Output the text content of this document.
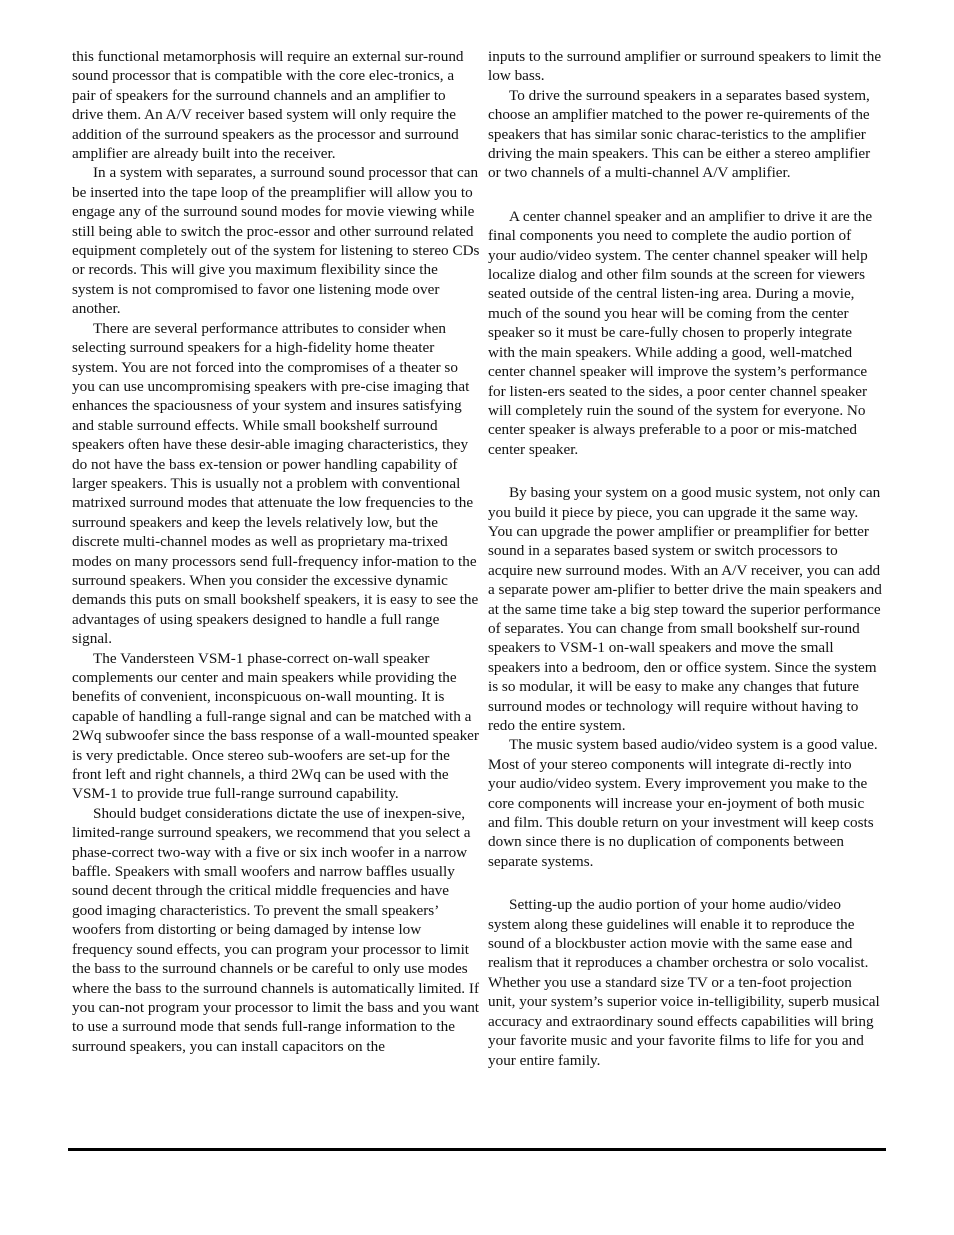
this functional metamorphosis will require an external sur-round sound processor that is compatible with the core elec-tronics, a pair of speakers for the surround channels and an amplifier to drive them. An A/V receiver based system will only require the addition of the surround speakers as the processor and surround amplifier are already built into the receiver.

In a system with separates, a surround sound processor that can be inserted into the tape loop of the preamplifier will allow you to engage any of the surround sound modes for movie viewing while still being able to switch the proc-essor and other surround related equipment completely out of the system for listening to stereo CDs or records. This will give you maximum flexibility since the system is not compromised to favor one listening mode over another.

There are several performance attributes to consider when selecting surround speakers for a high-fidelity home theater system. You are not forced into the compromises of a theater so you can use uncompromising speakers with pre-cise imaging that enhances the spaciousness of your system and insures satisfying and stable surround effects. While small bookshelf surround speakers often have these desir-able imaging characteristics, they do not have the bass ex-tension or power handling capability of larger speakers. This is usually not a problem with conventional matrixed surround modes that attenuate the low frequencies to the surround speakers and keep the levels relatively low, but the discrete multi-channel modes as well as proprietary ma-trixed modes on many processors send full-frequency infor-mation to the surround speakers. When you consider the excessive dynamic demands this puts on small bookshelf speakers, it is easy to see the advantages of using speakers designed to handle a full range signal.

The Vandersteen VSM-1 phase-correct on-wall speaker complements our center and main speakers while providing the benefits of convenient, inconspicuous on-wall mounting. It is capable of handling a full-range signal and can be matched with a 2Wq subwoofer since the bass response of a wall-mounted speaker is very predictable. Once stereo sub-woofers are set-up for the front left and right channels, a third 2Wq can be used with the VSM-1 to provide true full-range surround capability.

Should budget considerations dictate the use of inexpen-sive, limited-range surround speakers, we recommend that you select a phase-correct two-way with a five or six inch woofer in a narrow baffle. Speakers with small woofers and narrow baffles usually sound decent through the critical middle frequencies and have good imaging characteristics. To prevent the small speakers’ woofers from distorting or being damaged by intense low frequency sound effects, you can program your processor to limit the bass to the surround channels or be careful to only use modes where the bass to the surround channels is automatically limited. If you can-not program your processor to limit the bass and you want to use a surround mode that sends full-range information to the surround speakers, you can install capacitors on the

inputs to the surround amplifier or surround speakers to limit the low bass.

To drive the surround speakers in a separates based system, choose an amplifier matched to the power re-quirements of the speakers that has similar sonic charac-teristics to the amplifier driving the main speakers. This can be either a stereo amplifier or two channels of a multi-channel A/V amplifier.

A center channel speaker and an amplifier to drive it are the final components you need to complete the audio portion of your audio/video system. The center channel speaker will help localize dialog and other film sounds at the screen for viewers seated outside of the central listen-ing area. During a movie, much of the sound you hear will be coming from the center speaker so it must be care-fully chosen to properly integrate with the main speakers. While adding a good, well-matched center channel speaker will improve the system’s performance for listen-ers seated to the sides, a poor center channel speaker will completely ruin the sound of the system for everyone. No center speaker is always preferable to a poor or mis-matched center speaker.

By basing your system on a good music system, not only can you build it piece by piece, you can upgrade it the same way. You can upgrade the power amplifier or preamplifier for better sound in a separates based system or switch processors to acquire new surround modes. With an A/V receiver, you can add a separate power am-plifier to better drive the main speakers and at the same time take a big step toward the superior performance of separates. You can change from small bookshelf sur-round speakers to VSM-1 on-wall speakers and move the small speakers into a bedroom, den or office system. Since the system is so modular, it will be easy to make any changes that future surround modes or technology will require without having to redo the entire system.

The music system based audio/video system is a good value. Most of your stereo components will integrate di-rectly into your audio/video system. Every improvement you make to the core components will increase your en-joyment of both music and film. This double return on your investment will keep costs down since there is no duplication of components between separate systems.

Setting-up the audio portion of your home audio/video system along these guidelines will enable it to reproduce the sound of a blockbuster action movie with the same ease and realism that it reproduces a chamber orchestra or solo vocalist. Whether you use a standard size TV or a ten-foot projection unit, your system’s superior voice in-telligibility, superb musical accuracy and extraordinary sound effects capabilities will bring your favorite music and your favorite films to life for you and your entire family.
